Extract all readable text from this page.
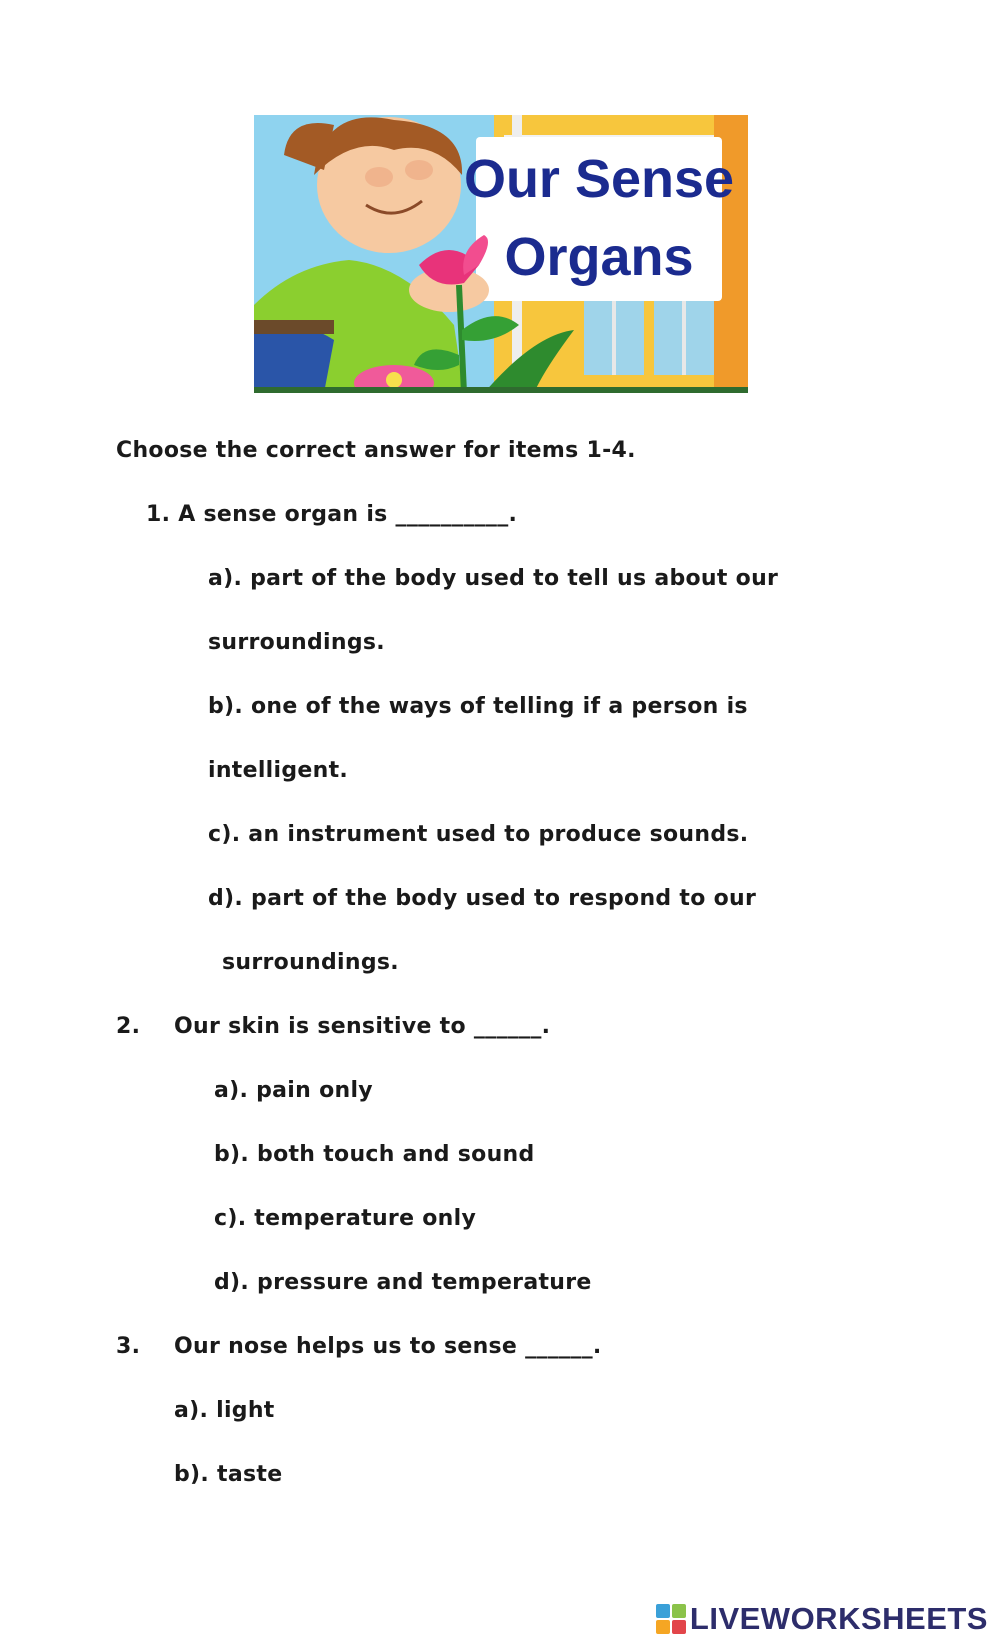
Our Sense
Organs
Choose the correct answer for items 1-4.
1. A sense organ is __________.
a). part of the body used to tell us about our
surroundings.
b). one of the ways of telling if a person is
intelligent.
c). an instrument used to produce sounds.
d). part of the body used to respond to our
surroundings.
2. Our skin is sensitive to ______.
a). pain only
b). both touch and sound
c). temperature only
d). pressure and temperature
3. Our nose helps us to sense ______.
a). light
b). taste
LIVEWORKSHEETS
